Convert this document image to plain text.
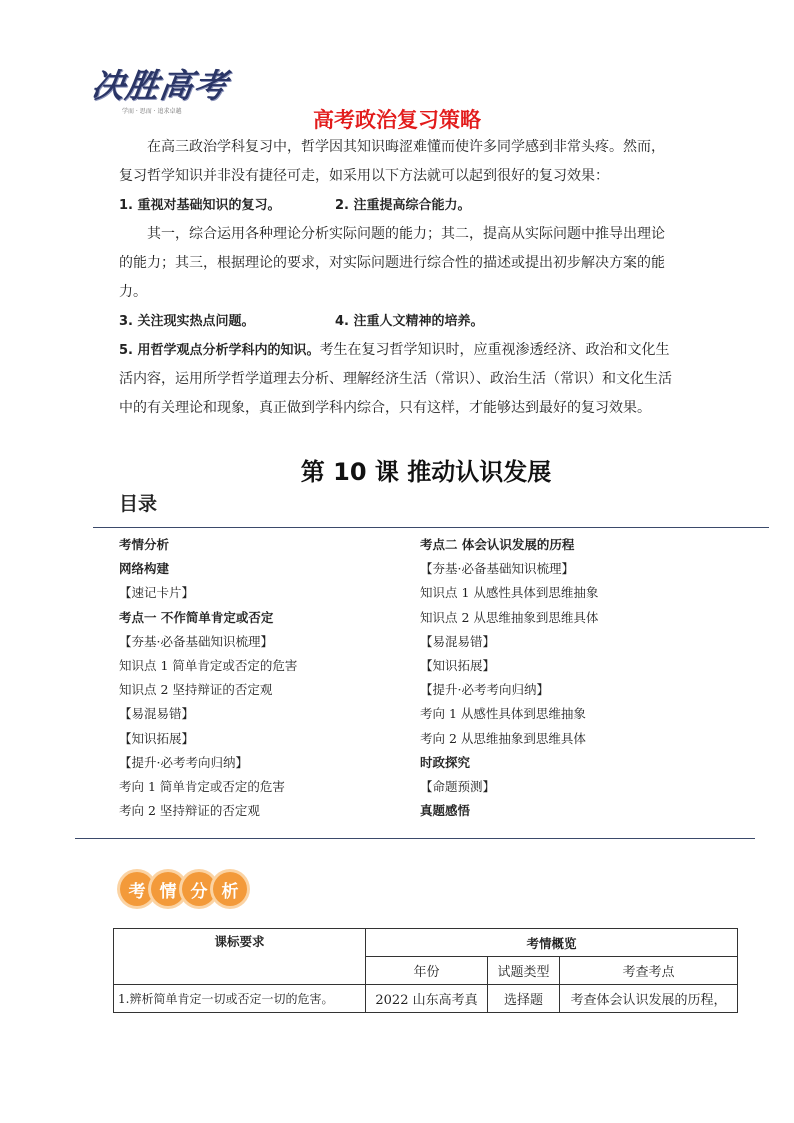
决胜高考
学而 · 思而 · 追求卓越	高考政治复习策略

在高三政治学科复习中，哲学因其知识晦涩难懂而使许多同学感到非常头疼。然而，复习哲学知识并非没有捷径可走，如采用以下方法就可以起到很好的复习效果：

1. 重视对基础知识的复习。	2. 注重提高综合能力。

其一，综合运用各种理论分析实际问题的能力；其二，提高从实际问题中推导出理论的能力；其三，根据理论的要求，对实际问题进行综合性的描述或提出初步解决方案的能力。

3. 关注现实热点问题。	4. 注重人文精神的培养。

5. 用哲学观点分析学科内的知识。考生在复习哲学知识时，应重视渗透经济、政治和文化生活内容，运用所学哲学道理去分析、理解经济生活（常识）、政治生活（常识）和文化生活中的有关理论和现象，真正做到学科内综合，只有这样，才能够达到最好的复习效果。

第 10 课 推动认识发展
目录
考情分析
网络构建
【速记卡片】
考点一 不作简单肯定或否定
【夯基·必备基础知识梳理】
知识点 1 简单肯定或否定的危害
知识点 2 坚持辩证的否定观
【易混易错】
【知识拓展】
【提升·必考考向归纳】
考向 1 简单肯定或否定的危害
考向 2 坚持辩证的否定观
考点二 体会认识发展的历程
【夯基·必备基础知识梳理】
知识点 1 从感性具体到思维抽象
知识点 2 从思维抽象到思维具体
【易混易错】
【知识拓展】
【提升·必考考向归纳】
考向 1 从感性具体到思维抽象
考向 2 从思维抽象到思维具体
时政探究
【命题预测】
真题感悟
考 情 分 析
课标要求	考情概览		
	年份	试题类型	考查考点
1.辨析简单肯定一切或否定一切的危害。	2022 山东高考真	选择题	考查体会认识发展的历程，
